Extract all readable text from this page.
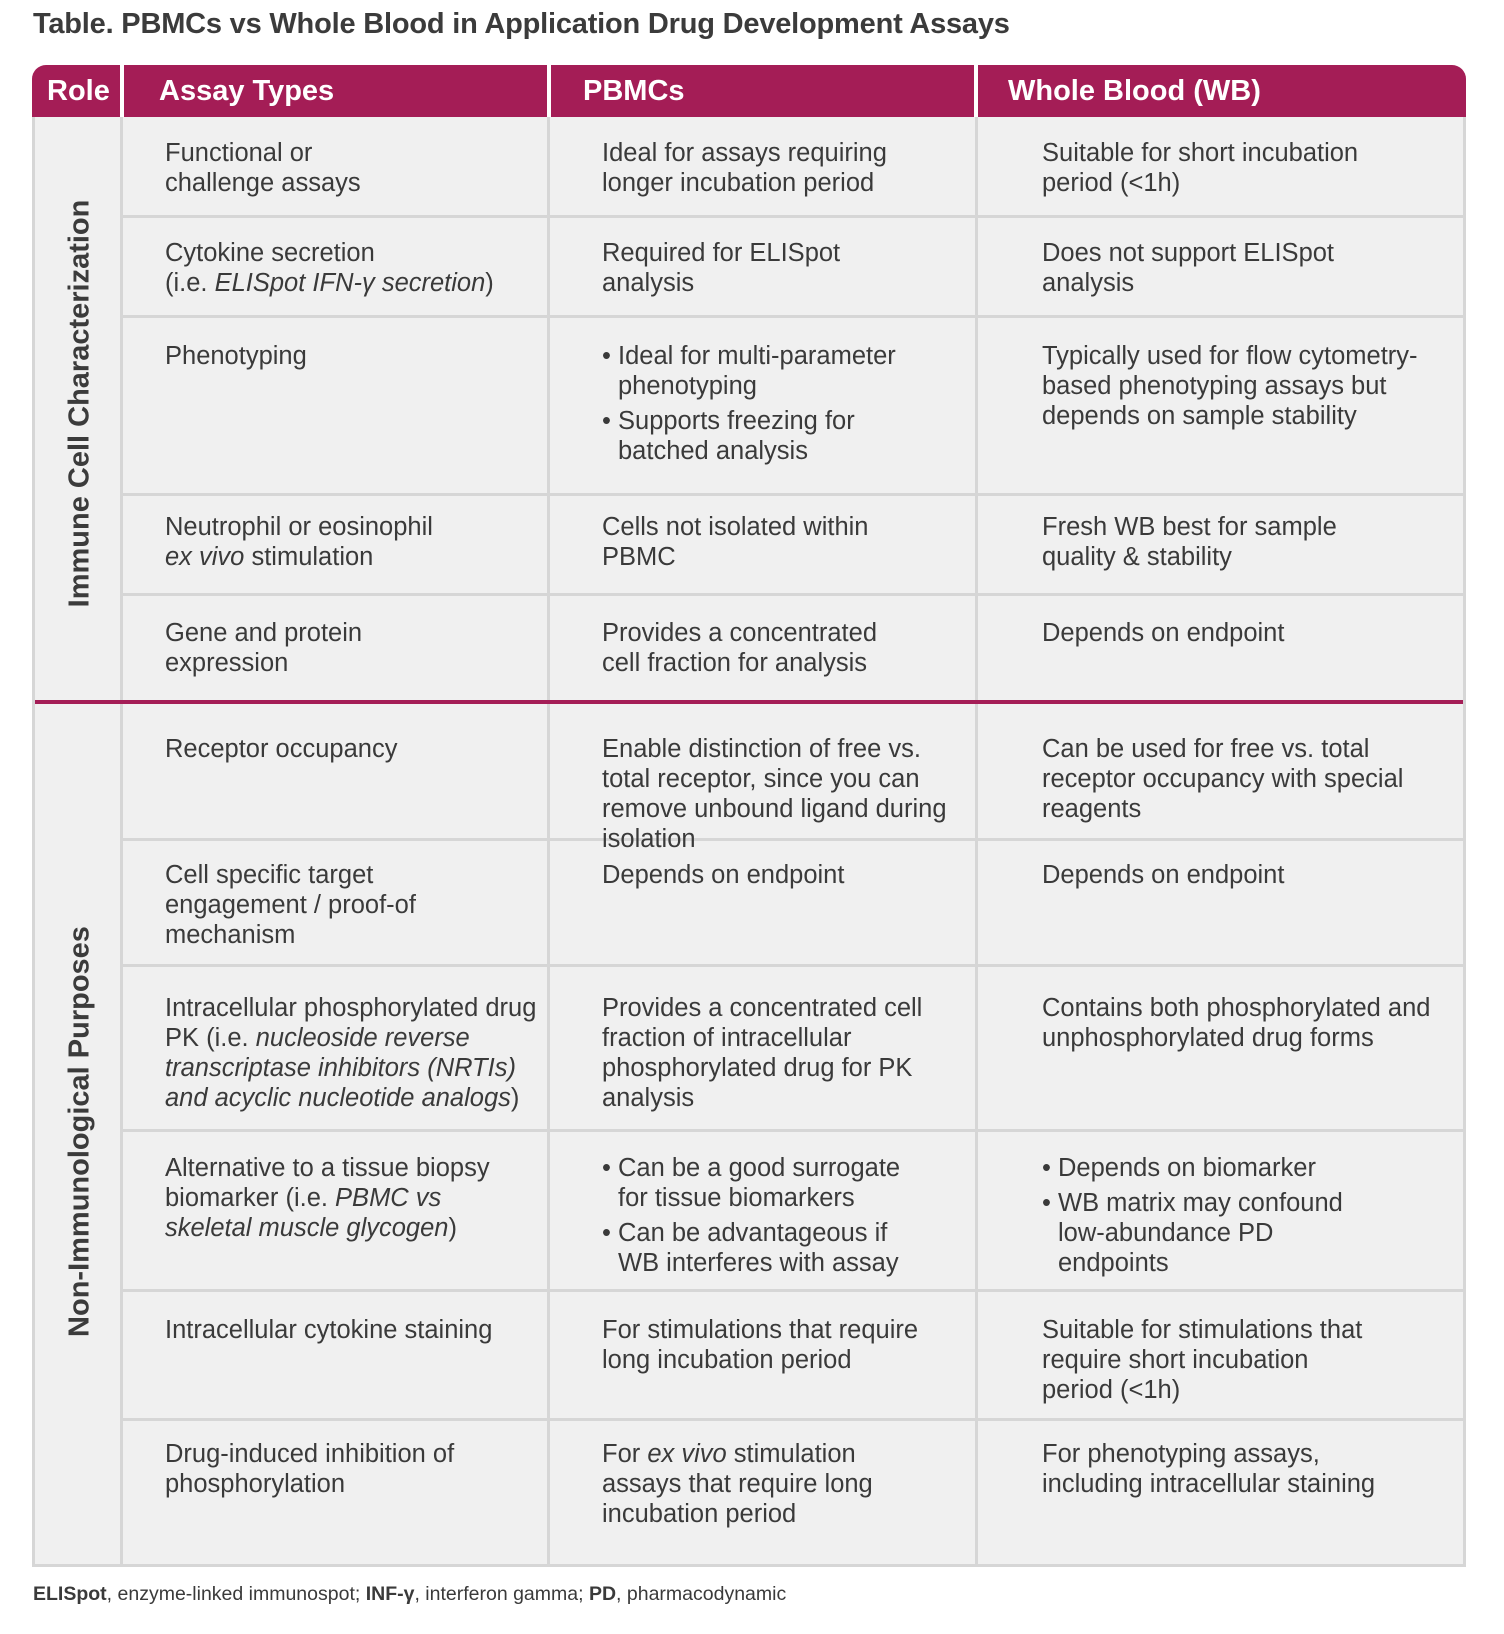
Table. PBMCs vs Whole Blood in Application Drug Development Assays
Role Assay Types	PBMCs	Whole Blood (WB)
Immune Cell Characterization
Non-Immunological Purposes
Functional or
challenge assays
Ideal for assays requiring
longer incubation period
Suitable for short incubation
period (<1h)
Cytokine secretion
(i.e. ELISpot IFN-γ secretion)
Required for ELISpot
analysis
Does not support ELISpot
analysis
Phenotyping
•	Ideal for multi-parameter phenotyping
• Supports freezing for batched analysis
Typically used for flow cytometry-based phenotyping assays but depends on sample stability
Neutrophil or eosinophil
ex vivo stimulation
Cells not isolated within
PBMC
Fresh WB best for sample
quality & stability
Gene and protein
expression
Provides a concentrated
cell fraction for analysis
Depends on endpoint
Receptor occupancy	Enable distinction of free vs. total receptor, since you can remove unbound ligand during isolation
Can be used for free vs. total receptor occupancy with special reagents
Cell specific target engagement / proof-of mechanism
Depends on endpoint	Depends on endpoint
Intracellular phosphorylated drug PK (i.e. nucleoside reverse transcriptase inhibitors (NRTIs) and acyclic nucleotide analogs)
Provides a concentrated cell fraction of intracellular phosphorylated drug for PK analysis
Contains both phosphorylated and unphosphorylated drug forms
Alternative to a tissue biopsy biomarker (i.e. PBMC vs skeletal muscle glycogen)
• Can be a good surrogate for tissue biomarkers
• Can be advantageous if WB interferes with assay
• Depends on biomarker
• WB matrix may confound low-abundance PD endpoints
Intracellular cytokine staining	For stimulations that require long incubation period
Suitable for stimulations that require short incubation period (<1h)
Drug-induced inhibition of
phosphorylation
For ex vivo stimulation assays that require long incubation period
For phenotyping assays, including intracellular staining
ELISpot, enzyme-linked immunospot; INF-γ, interferon gamma; PD, pharmacodynamic
